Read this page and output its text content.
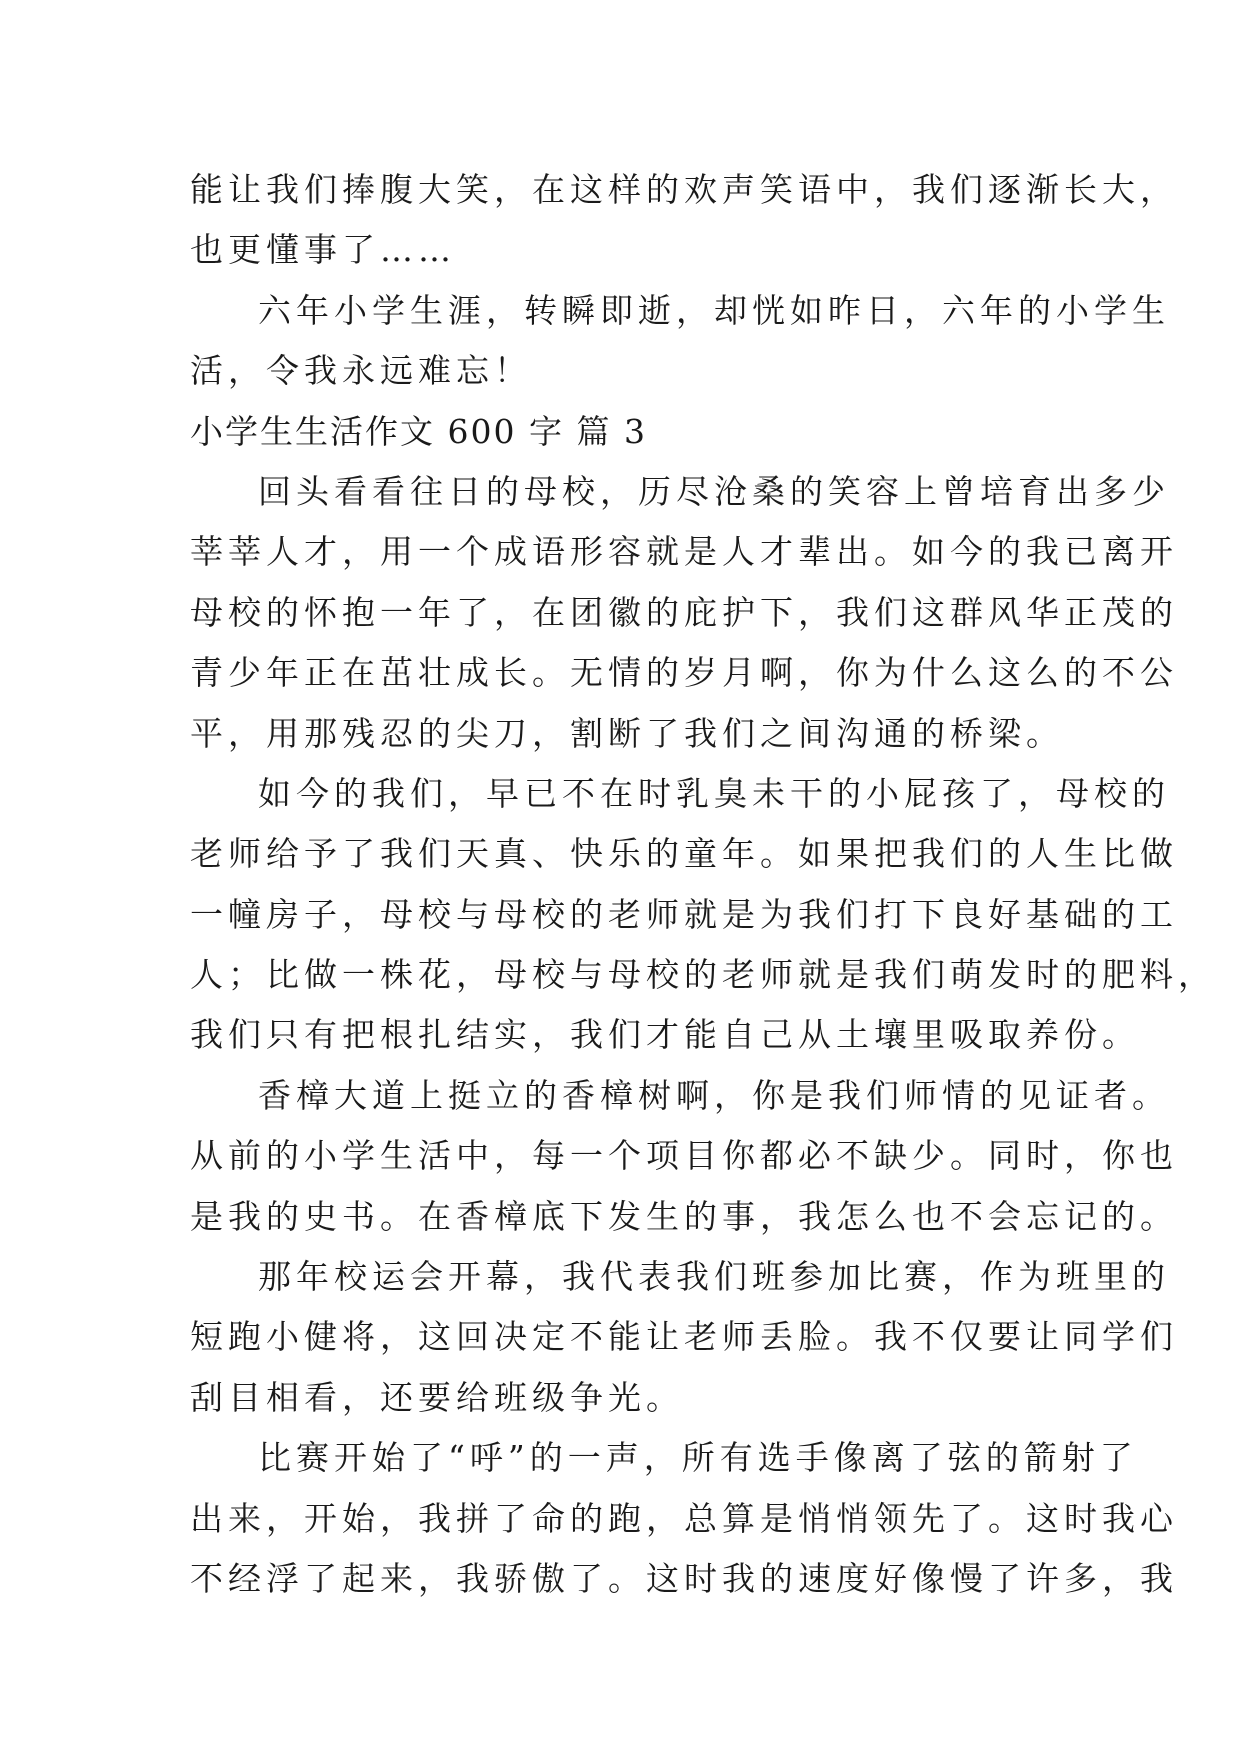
能让我们捧腹大笑，在这样的欢声笑语中，我们逐渐长大，
也更懂事了……
六年小学生涯，转瞬即逝，却恍如昨日，六年的小学生
活，令我永远难忘！
小学生生活作文 600 字 篇 3
回头看看往日的母校，历尽沧桑的笑容上曾培育出多少
莘莘人才，用一个成语形容就是人才辈出。如今的我已离开
母校的怀抱一年了，在团徽的庇护下，我们这群风华正茂的
青少年正在茁壮成长。无情的岁月啊，你为什么这么的不公
平，用那残忍的尖刀，割断了我们之间沟通的桥梁。
如今的我们，早已不在时乳臭未干的小屁孩了，母校的
老师给予了我们天真、快乐的童年。如果把我们的人生比做
一幢房子，母校与母校的老师就是为我们打下良好基础的工
人；比做一株花，母校与母校的老师就是我们萌发时的肥料，
我们只有把根扎结实，我们才能自己从土壤里吸取养份。
香樟大道上挺立的香樟树啊，你是我们师情的见证者。
从前的小学生活中，每一个项目你都必不缺少。同时，你也
是我的史书。在香樟底下发生的事，我怎么也不会忘记的。
那年校运会开幕，我代表我们班参加比赛，作为班里的
短跑小健将，这回决定不能让老师丢脸。我不仅要让同学们
刮目相看，还要给班级争光。
比赛开始了“呼”的一声，所有选手像离了弦的箭射了
出来，开始，我拼了命的跑，总算是悄悄领先了。这时我心
不经浮了起来，我骄傲了。这时我的速度好像慢了许多，我
